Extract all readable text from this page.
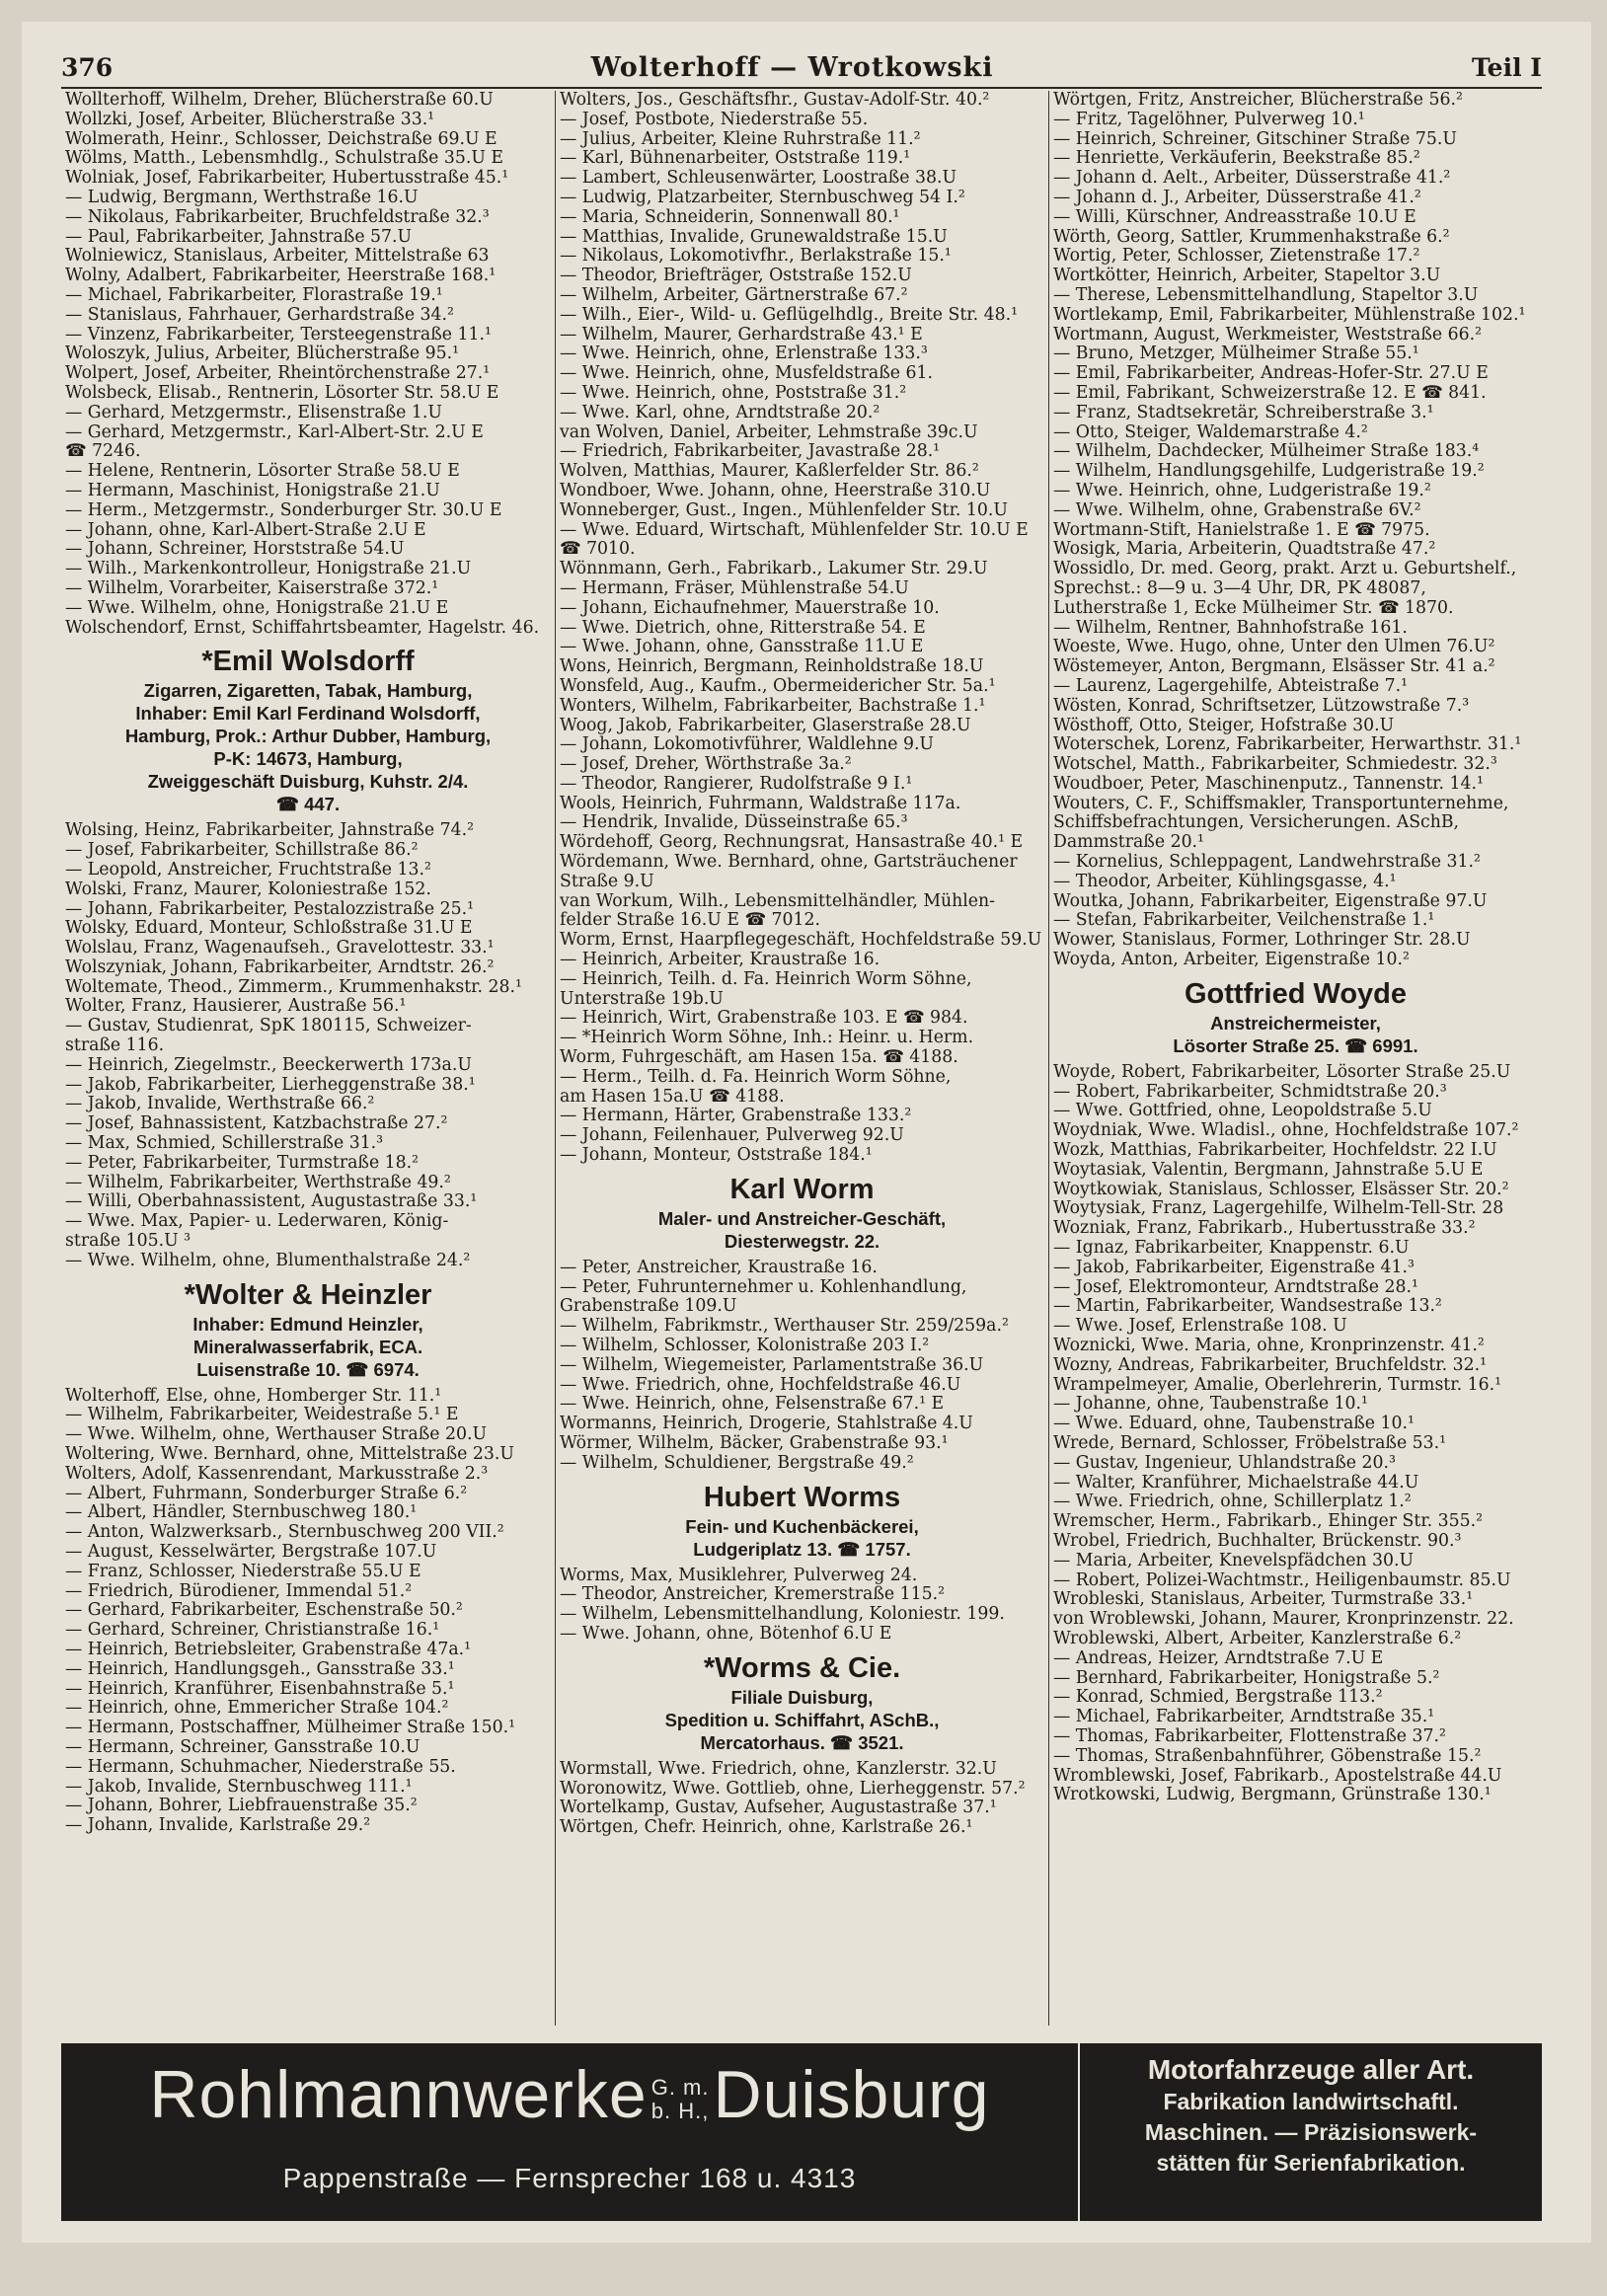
376	Wolterhoff — Wrotkowski	Teil I
Wollterhoff, Wilhelm, Dreher, Blücherstraße 60.U
Wollzki, Josef, Arbeiter, Blücherstraße 33.¹
Wolmerath, Heinr., Schlosser, Deichstraße 69.U E
Wölms, Matth., Lebensmhdlg., Schulstraße 35.U E
Wolniak, Josef, Fabrikarbeiter, Hubertusstraße 45.¹
— Ludwig, Bergmann, Werthstraße 16.U
— Nikolaus, Fabrikarbeiter, Bruchfeldstraße 32.³
— Paul, Fabrikarbeiter, Jahnstraße 57.U
Wolniewicz, Stanislaus, Arbeiter, Mittelstraße 63
Wolny, Adalbert, Fabrikarbeiter, Heerstraße 168.¹
— Michael, Fabrikarbeiter, Florastraße 19.¹
— Stanislaus, Fahrhauer, Gerhardstraße 34.²
— Vinzenz, Fabrikarbeiter, Tersteegenstraße 11.¹
Woloszyk, Julius, Arbeiter, Blücherstraße 95.¹
Wolpert, Josef, Arbeiter, Rheintörchenstraße 27.¹
Wolsbeck, Elisab., Rentnerin, Lösorter Str. 58.U E
— Gerhard, Metzgermstr., Elisenstraße 1.U
— Gerhard, Metzgermstr., Karl-Albert-Str. 2.U E
☎ 7246.
— Helene, Rentnerin, Lösorter Straße 58.U E
— Hermann, Maschinist, Honigstraße 21.U
— Herm., Metzgermstr., Sonderburger Str. 30.U E
— Johann, ohne, Karl-Albert-Straße 2.U E
— Johann, Schreiner, Horststraße 54.U
— Wilh., Markenkontrolleur, Honigstraße 21.U
— Wilhelm, Vorarbeiter, Kaiserstraße 372.¹
— Wwe. Wilhelm, ohne, Honigstraße 21.U E
Wolschendorf, Ernst, Schiffahrtsbeamter, Hagelstr. 46.
*Emil Wolsdorff
Zigarren, Zigaretten, Tabak, Hamburg,
Inhaber: Emil Karl Ferdinand Wolsdorff,
Hamburg, Prok.: Arthur Dubber, Hamburg,
P-K: 14673, Hamburg,
Zweiggeschäft Duisburg, Kuhstr. 2/4.
☎ 447.
Wolsing, Heinz, Fabrikarbeiter, Jahnstraße 74.²
— Josef, Fabrikarbeiter, Schillstraße 86.²
— Leopold, Anstreicher, Fruchtstraße 13.²
Wolski, Franz, Maurer, Koloniestraße 152.
— Johann, Fabrikarbeiter, Pestalozzistraße 25.¹
Wolsky, Eduard, Monteur, Schloßstraße 31.U E
Wolslau, Franz, Wagenaufseh., Gravelottestr. 33.¹
Wolszyniak, Johann, Fabrikarbeiter, Arndtstr. 26.²
Woltemate, Theod., Zimmerm., Krummenhakstr. 28.¹
Wolter, Franz, Hausierer, Austraße 56.¹
— Gustav, Studienrat, SpK 180115, Schweizer-
straße 116.
— Heinrich, Ziegelmstr., Beeckerwerth 173a.U
— Jakob, Fabrikarbeiter, Lierheggenstraße 38.¹
— Jakob, Invalide, Werthstraße 66.²
— Josef, Bahnassistent, Katzbachstraße 27.²
— Max, Schmied, Schillerstraße 31.³
— Peter, Fabrikarbeiter, Turmstraße 18.²
— Wilhelm, Fabrikarbeiter, Werthstraße 49.²
— Willi, Oberbahnassistent, Augustastraße 33.¹
— Wwe. Max, Papier- u. Lederwaren, König-
straße 105.U ³
— Wwe. Wilhelm, ohne, Blumenthalstraße 24.²
*Wolter & Heinzler
Inhaber: Edmund Heinzler,
Mineralwasserfabrik, ECA.
Luisenstraße 10. ☎ 6974.
Wolterhoff, Else, ohne, Homberger Str. 11.¹
— Wilhelm, Fabrikarbeiter, Weidestraße 5.¹ E
— Wwe. Wilhelm, ohne, Werthauser Straße 20.U
Woltering, Wwe. Bernhard, ohne, Mittelstraße 23.U
Wolters, Adolf, Kassenrendant, Markusstraße 2.³
— Albert, Fuhrmann, Sonderburger Straße 6.²
— Albert, Händler, Sternbuschweg 180.¹
— Anton, Walzwerksarb., Sternbuschweg 200 VII.²
— August, Kesselwärter, Bergstraße 107.U
— Franz, Schlosser, Niederstraße 55.U E
— Friedrich, Bürodiener, Immendal 51.²
— Gerhard, Fabrikarbeiter, Eschenstraße 50.²
— Gerhard, Schreiner, Christianstraße 16.¹
— Heinrich, Betriebsleiter, Grabenstraße 47a.¹
— Heinrich, Handlungsgeh., Gansstraße 33.¹
— Heinrich, Kranführer, Eisenbahnstraße 5.¹
— Heinrich, ohne, Emmericher Straße 104.²
— Hermann, Postschaffner, Mülheimer Straße 150.¹
— Hermann, Schreiner, Gansstraße 10.U
— Hermann, Schuhmacher, Niederstraße 55.
— Jakob, Invalide, Sternbuschweg 111.¹
— Johann, Bohrer, Liebfrauenstraße 35.²
— Johann, Invalide, Karlstraße 29.²
Wolters, Jos., Geschäftsfhr., Gustav-Adolf-Str. 40.²
— Josef, Postbote, Niederstraße 55.
— Julius, Arbeiter, Kleine Ruhrstraße 11.²
— Karl, Bühnenarbeiter, Oststraße 119.¹
— Lambert, Schleusenwärter, Loostraße 38.U
— Ludwig, Platzarbeiter, Sternbuschweg 54 I.²
— Maria, Schneiderin, Sonnenwall 80.¹
— Matthias, Invalide, Grunewaldstraße 15.U
— Nikolaus, Lokomotivfhr., Berlakstraße 15.¹
— Theodor, Briefträger, Oststraße 152.U
— Wilhelm, Arbeiter, Gärtnerstraße 67.²
— Wilh., Eier-, Wild- u. Geflügelhdlg., Breite Str. 48.¹
— Wilhelm, Maurer, Gerhardstraße 43.¹ E
— Wwe. Heinrich, ohne, Erlenstraße 133.³
— Wwe. Heinrich, ohne, Musfeldstraße 61.
— Wwe. Heinrich, ohne, Poststraße 31.²
— Wwe. Karl, ohne, Arndtstraße 20.²
van Wolven, Daniel, Arbeiter, Lehmstraße 39c.U
— Friedrich, Fabrikarbeiter, Javastraße 28.¹
Wolven, Matthias, Maurer, Kaßlerfelder Str. 86.²
Wondboer, Wwe. Johann, ohne, Heerstraße 310.U
Wonneberger, Gust., Ingen., Mühlenfelder Str. 10.U
— Wwe. Eduard, Wirtschaft, Mühlenfelder Str. 10.U E
☎ 7010.
Wönnmann, Gerh., Fabrikarb., Lakumer Str. 29.U
— Hermann, Fräser, Mühlenstraße 54.U
— Johann, Eichaufnehmer, Mauerstraße 10.
— Wwe. Dietrich, ohne, Ritterstraße 54. E
— Wwe. Johann, ohne, Gansstraße 11.U E
Wons, Heinrich, Bergmann, Reinholdstraße 18.U
Wonsfeld, Aug., Kaufm., Obermeidericher Str. 5a.¹
Wonters, Wilhelm, Fabrikarbeiter, Bachstraße 1.¹
Woog, Jakob, Fabrikarbeiter, Glaserstraße 28.U
— Johann, Lokomotivführer, Waldlehne 9.U
— Josef, Dreher, Wörthstraße 3a.²
— Theodor, Rangierer, Rudolfstraße 9 I.¹
Wools, Heinrich, Fuhrmann, Waldstraße 117a.
— Hendrik, Invalide, Düsseinstraße 65.³
Wördehoff, Georg, Rechnungsrat, Hansastraße 40.¹ E
Wördemann, Wwe. Bernhard, ohne, Gartsträuchener
Straße 9.U
van Workum, Wilh., Lebensmittelhändler, Mühlen-
felder Straße 16.U E ☎ 7012.
Worm, Ernst, Haarpflegegeschäft, Hochfeldstraße 59.U
— Heinrich, Arbeiter, Kraustraße 16.
— Heinrich, Teilh. d. Fa. Heinrich Worm Söhne,
Unterstraße 19b.U
— Heinrich, Wirt, Grabenstraße 103. E ☎ 984.
— *Heinrich Worm Söhne, Inh.: Heinr. u. Herm.
Worm, Fuhrgeschäft, am Hasen 15a. ☎ 4188.
— Herm., Teilh. d. Fa. Heinrich Worm Söhne,
am Hasen 15a.U ☎ 4188.
— Hermann, Härter, Grabenstraße 133.²
— Johann, Feilenhauer, Pulverweg 92.U
— Johann, Monteur, Oststraße 184.¹
Karl Worm
Maler- und Anstreicher-Geschäft,
Diesterwegstr. 22.
— Peter, Anstreicher, Kraustraße 16.
— Peter, Fuhrunternehmer u. Kohlenhandlung,
Grabenstraße 109.U
— Wilhelm, Fabrikmstr., Werthauser Str. 259/259a.²
— Wilhelm, Schlosser, Kolonistraße 203 I.²
— Wilhelm, Wiegemeister, Parlamentstraße 36.U
— Wwe. Friedrich, ohne, Hochfeldstraße 46.U
— Wwe. Heinrich, ohne, Felsenstraße 67.¹ E
Wormanns, Heinrich, Drogerie, Stahlstraße 4.U
Wörmer, Wilhelm, Bäcker, Grabenstraße 93.¹
— Wilhelm, Schuldiener, Bergstraße 49.²
Hubert Worms
Fein- und Kuchenbäckerei,
Ludgeriplatz 13. ☎ 1757.
Worms, Max, Musiklehrer, Pulverweg 24.
— Theodor, Anstreicher, Kremerstraße 115.²
— Wilhelm, Lebensmittelhandlung, Koloniestr. 199.
— Wwe. Johann, ohne, Bötenhof 6.U E
*Worms & Cie.
Filiale Duisburg,
Spedition u. Schiffahrt, ASchB.,
Mercatorhaus. ☎ 3521.
Wormstall, Wwe. Friedrich, ohne, Kanzlerstr. 32.U
Woronowitz, Wwe. Gottlieb, ohne, Lierheggenstr. 57.²
Wortelkamp, Gustav, Aufseher, Augustastraße 37.¹
Wörtgen, Chefr. Heinrich, ohne, Karlstraße 26.¹
Wörtgen, Fritz, Anstreicher, Blücherstraße 56.²
— Fritz, Tagelöhner, Pulverweg 10.¹
— Heinrich, Schreiner, Gitschiner Straße 75.U
— Henriette, Verkäuferin, Beekstraße 85.²
— Johann d. Aelt., Arbeiter, Düsserstraße 41.²
— Johann d. J., Arbeiter, Düsserstraße 41.²
— Willi, Kürschner, Andreasstraße 10.U E
Wörth, Georg, Sattler, Krummenhakstraße 6.²
Wortig, Peter, Schlosser, Zietenstraße 17.²
Wortkötter, Heinrich, Arbeiter, Stapeltor 3.U
— Therese, Lebensmittelhandlung, Stapeltor 3.U
Wortlekamp, Emil, Fabrikarbeiter, Mühlenstraße 102.¹
Wortmann, August, Werkmeister, Weststraße 66.²
— Bruno, Metzger, Mülheimer Straße 55.¹
— Emil, Fabrikarbeiter, Andreas-Hofer-Str. 27.U E
— Emil, Fabrikant, Schweizerstraße 12. E ☎ 841.
— Franz, Stadtsekretär, Schreiberstraße 3.¹
— Otto, Steiger, Waldemarstraße 4.²
— Wilhelm, Dachdecker, Mülheimer Straße 183.⁴
— Wilhelm, Handlungsgehilfe, Ludgeristraße 19.²
— Wwe. Heinrich, ohne, Ludgeristraße 19.²
— Wwe. Wilhelm, ohne, Grabenstraße 6V.²
Wortmann-Stift, Hanielstraße 1. E ☎ 7975.
Wosigk, Maria, Arbeiterin, Quadtstraße 47.²
Wossidlo, Dr. med. Georg, prakt. Arzt u. Geburtshelf.,
Sprechst.: 8—9 u. 3—4 Uhr, DR, PK 48087,
Lutherstraße 1, Ecke Mülheimer Str. ☎ 1870.
— Wilhelm, Rentner, Bahnhofstraße 161.
Woeste, Wwe. Hugo, ohne, Unter den Ulmen 76.U²
Wöstemeyer, Anton, Bergmann, Elsässer Str. 41 a.²
— Laurenz, Lagergehilfe, Abteistraße 7.¹
Wösten, Konrad, Schriftsetzer, Lützowstraße 7.³
Wösthoff, Otto, Steiger, Hofstraße 30.U
Woterschek, Lorenz, Fabrikarbeiter, Herwarthstr. 31.¹
Wotschel, Matth., Fabrikarbeiter, Schmiedestr. 32.³
Woudboer, Peter, Maschinenputz., Tannenstr. 14.¹
Wouters, C. F., Schiffsmakler, Transportunternehme,
Schiffsbefrachtungen, Versicherungen. ASchB,
Dammstraße 20.¹
— Kornelius, Schleppagent, Landwehrstraße 31.²
— Theodor, Arbeiter, Kühlingsgasse, 4.¹
Woutka, Johann, Fabrikarbeiter, Eigenstraße 97.U
— Stefan, Fabrikarbeiter, Veilchenstraße 1.¹
Wower, Stanislaus, Former, Lothringer Str. 28.U
Woyda, Anton, Arbeiter, Eigenstraße 10.²
Gottfried Woyde
Anstreichermeister,
Lösorter Straße 25. ☎ 6991.
Woyde, Robert, Fabrikarbeiter, Lösorter Straße 25.U
— Robert, Fabrikarbeiter, Schmidtstraße 20.³
— Wwe. Gottfried, ohne, Leopoldstraße 5.U
Woydniak, Wwe. Wladisl., ohne, Hochfeldstraße 107.²
Wozk, Matthias, Fabrikarbeiter, Hochfeldstr. 22 I.U
Woytasiak, Valentin, Bergmann, Jahnstraße 5.U E
Woytkowiak, Stanislaus, Schlosser, Elsässer Str. 20.²
Woytysiak, Franz, Lagergehilfe, Wilhelm-Tell-Str. 28
Wozniak, Franz, Fabrikarb., Hubertusstraße 33.²
— Ignaz, Fabrikarbeiter, Knappenstr. 6.U
— Jakob, Fabrikarbeiter, Eigenstraße 41.³
— Josef, Elektromonteur, Arndtstraße 28.¹
— Martin, Fabrikarbeiter, Wandsestraße 13.²
— Wwe. Josef, Erlenstraße 108. U
Woznicki, Wwe. Maria, ohne, Kronprinzenstr. 41.²
Wozny, Andreas, Fabrikarbeiter, Bruchfeldstr. 32.¹
Wrampelmeyer, Amalie, Oberlehrerin, Turmstr. 16.¹
— Johanne, ohne, Taubenstraße 10.¹
— Wwe. Eduard, ohne, Taubenstraße 10.¹
Wrede, Bernard, Schlosser, Fröbelstraße 53.¹
— Gustav, Ingenieur, Uhlandstraße 20.³
— Walter, Kranführer, Michaelstraße 44.U
— Wwe. Friedrich, ohne, Schillerplatz 1.²
Wremscher, Herm., Fabrikarb., Ehinger Str. 355.²
Wrobel, Friedrich, Buchhalter, Brückenstr. 90.³
— Maria, Arbeiter, Knevelspfädchen 30.U
— Robert, Polizei-Wachtmstr., Heiligenbaumstr. 85.U
Wrobleski, Stanislaus, Arbeiter, Turmstraße 33.¹
von Wroblewski, Johann, Maurer, Kronprinzenstr. 22.
Wroblewski, Albert, Arbeiter, Kanzlerstraße 6.²
— Andreas, Heizer, Arndtstraße 7.U E
— Bernhard, Fabrikarbeiter, Honigstraße 5.²
— Konrad, Schmied, Bergstraße 113.²
— Michael, Fabrikarbeiter, Arndtstraße 35.¹
— Thomas, Fabrikarbeiter, Flottenstraße 37.²
— Thomas, Straßenbahnführer, Göbenstraße 15.²
Wromblewski, Josef, Fabrikarb., Apostelstraße 44.U
Wrotkowski, Ludwig, Bergmann, Grünstraße 130.¹
Rohlmannwerke G. m.
b. H., Duisburg
Pappenstraße — Fernsprecher 168 u. 4313
Motorfahrzeuge aller Art.
Fabrikation landwirtschaftl.
Maschinen. — Präzisionswerk-
stätten für Serienfabrikation.
